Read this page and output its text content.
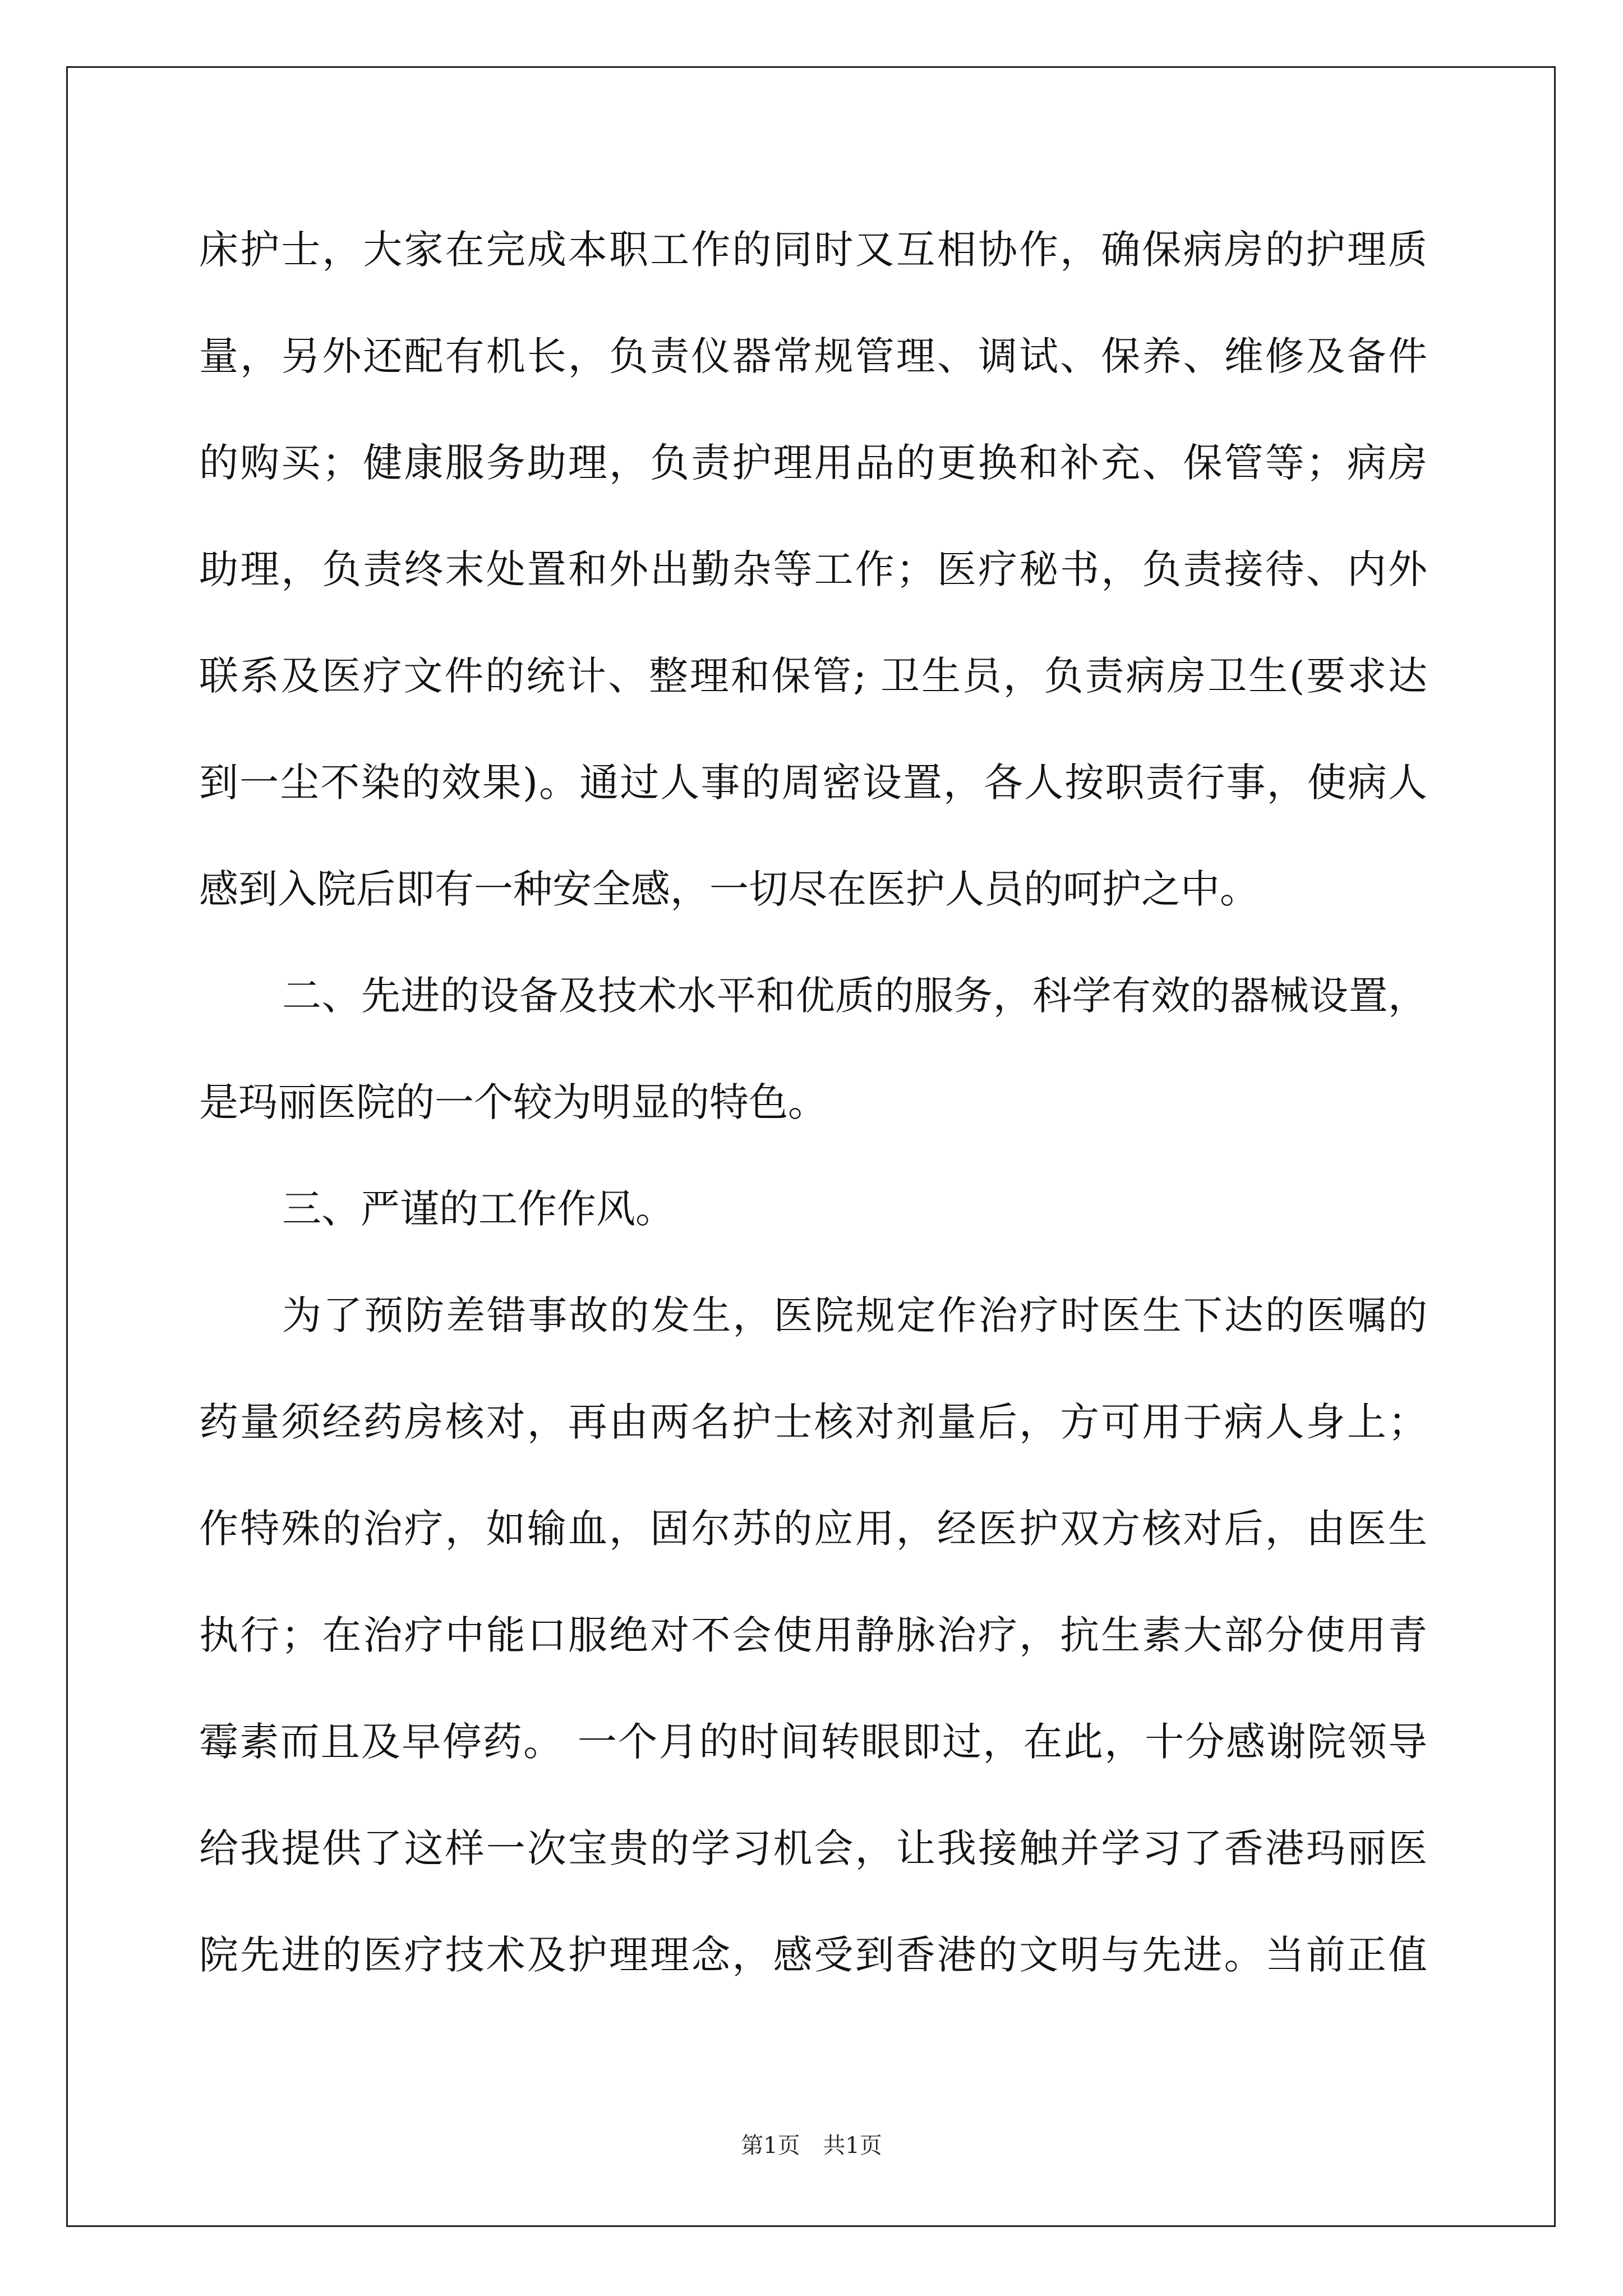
床护士，大家在完成本职工作的同时又互相协作，确保病房的护理质
量，另外还配有机长，负责仪器常规管理、调试、保养、维修及备件
的购买；健康服务助理，负责护理用品的更换和补充、保管等；病房
助理，负责终末处置和外出勤杂等工作；医疗秘书，负责接待、内外
联系及医疗文件的统计、整理和保管; 卫生员，负责病房卫生(要求达
到一尘不染的效果)。通过人事的周密设置，各人按职责行事，使病人
感到入院后即有一种安全感，一切尽在医护人员的呵护之中。
二、先进的设备及技术水平和优质的服务，科学有效的器械设置，
是玛丽医院的一个较为明显的特色。
三、严谨的工作作风。
为了预防差错事故的发生，医院规定作治疗时医生下达的医嘱的
药量须经药房核对，再由两名护士核对剂量后，方可用于病人身上；
作特殊的治疗，如输血，固尔苏的应用，经医护双方核对后，由医生
执行；在治疗中能口服绝对不会使用静脉治疗，抗生素大部分使用青
霉素而且及早停药。 一个月的时间转眼即过，在此，十分感谢院领导
给我提供了这样一次宝贵的学习机会，让我接触并学习了香港玛丽医
院先进的医疗技术及护理理念，感受到香港的文明与先进。当前正值
第1页 共1页
